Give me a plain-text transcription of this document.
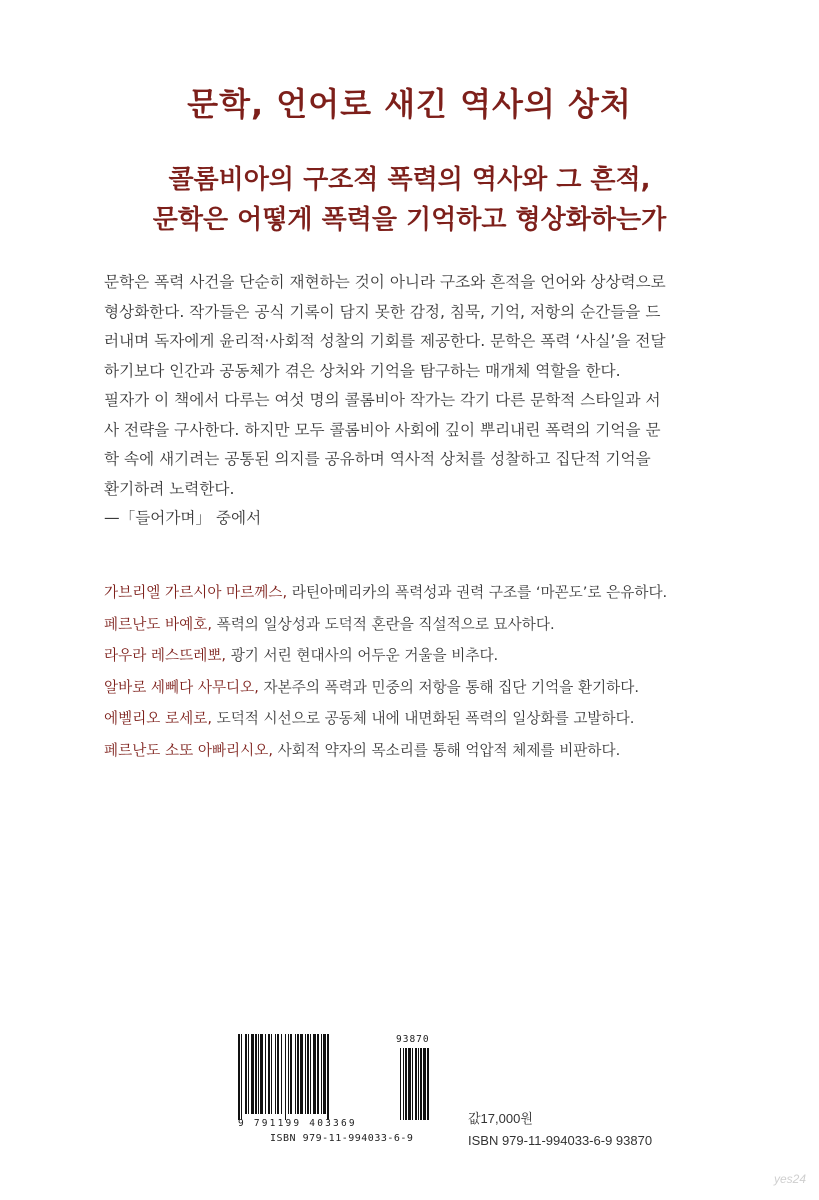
문학, 언어로 새긴 역사의 상처
콜롬비아의 구조적 폭력의 역사와 그 흔적,
문학은 어떻게 폭력을 기억하고 형상화하는가
문학은 폭력 사건을 단순히 재현하는 것이 아니라 구조와 흔적을 언어와 상상력으로
형상화한다. 작가들은 공식 기록이 담지 못한 감정, 침묵, 기억, 저항의 순간들을 드
러내며 독자에게 윤리적·사회적 성찰의 기회를 제공한다. 문학은 폭력 ‘사실’을 전달
하기보다 인간과 공동체가 겪은 상처와 기억을 탐구하는 매개체 역할을 한다.
필자가 이 책에서 다루는 여섯 명의 콜롬비아 작가는 각기 다른 문학적 스타일과 서
사 전략을 구사한다. 하지만 모두 콜롬비아 사회에 깊이 뿌리내린 폭력의 기억을 문
학 속에 새기려는 공통된 의지를 공유하며 역사적 상처를 성찰하고 집단적 기억을
환기하려 노력한다.
—「들어가며」 중에서
가브리엘 가르시아 마르께스, 라틴아메리카의 폭력성과 권력 구조를 ‘마꼰도’로 은유하다.
페르난도 바예호, 폭력의 일상성과 도덕적 혼란을 직설적으로 묘사하다.
라우라 레스뜨레뽀, 광기 서린 현대사의 어두운 거울을 비추다.
알바로 세뻬다 사무디오, 자본주의 폭력과 민중의 저항을 통해 집단 기억을 환기하다.
에벨리오 로세로, 도덕적 시선으로 공동체 내에 내면화된 폭력의 일상화를 고발하다.
페르난도 소또 아빠리시오, 사회적 약자의 목소리를 통해 억압적 체제를 비판하다.
93870
9 791199 403369
ISBN 979-11-994033-6-9
값17,000원
ISBN 979-11-994033-6-9 93870
yes24
